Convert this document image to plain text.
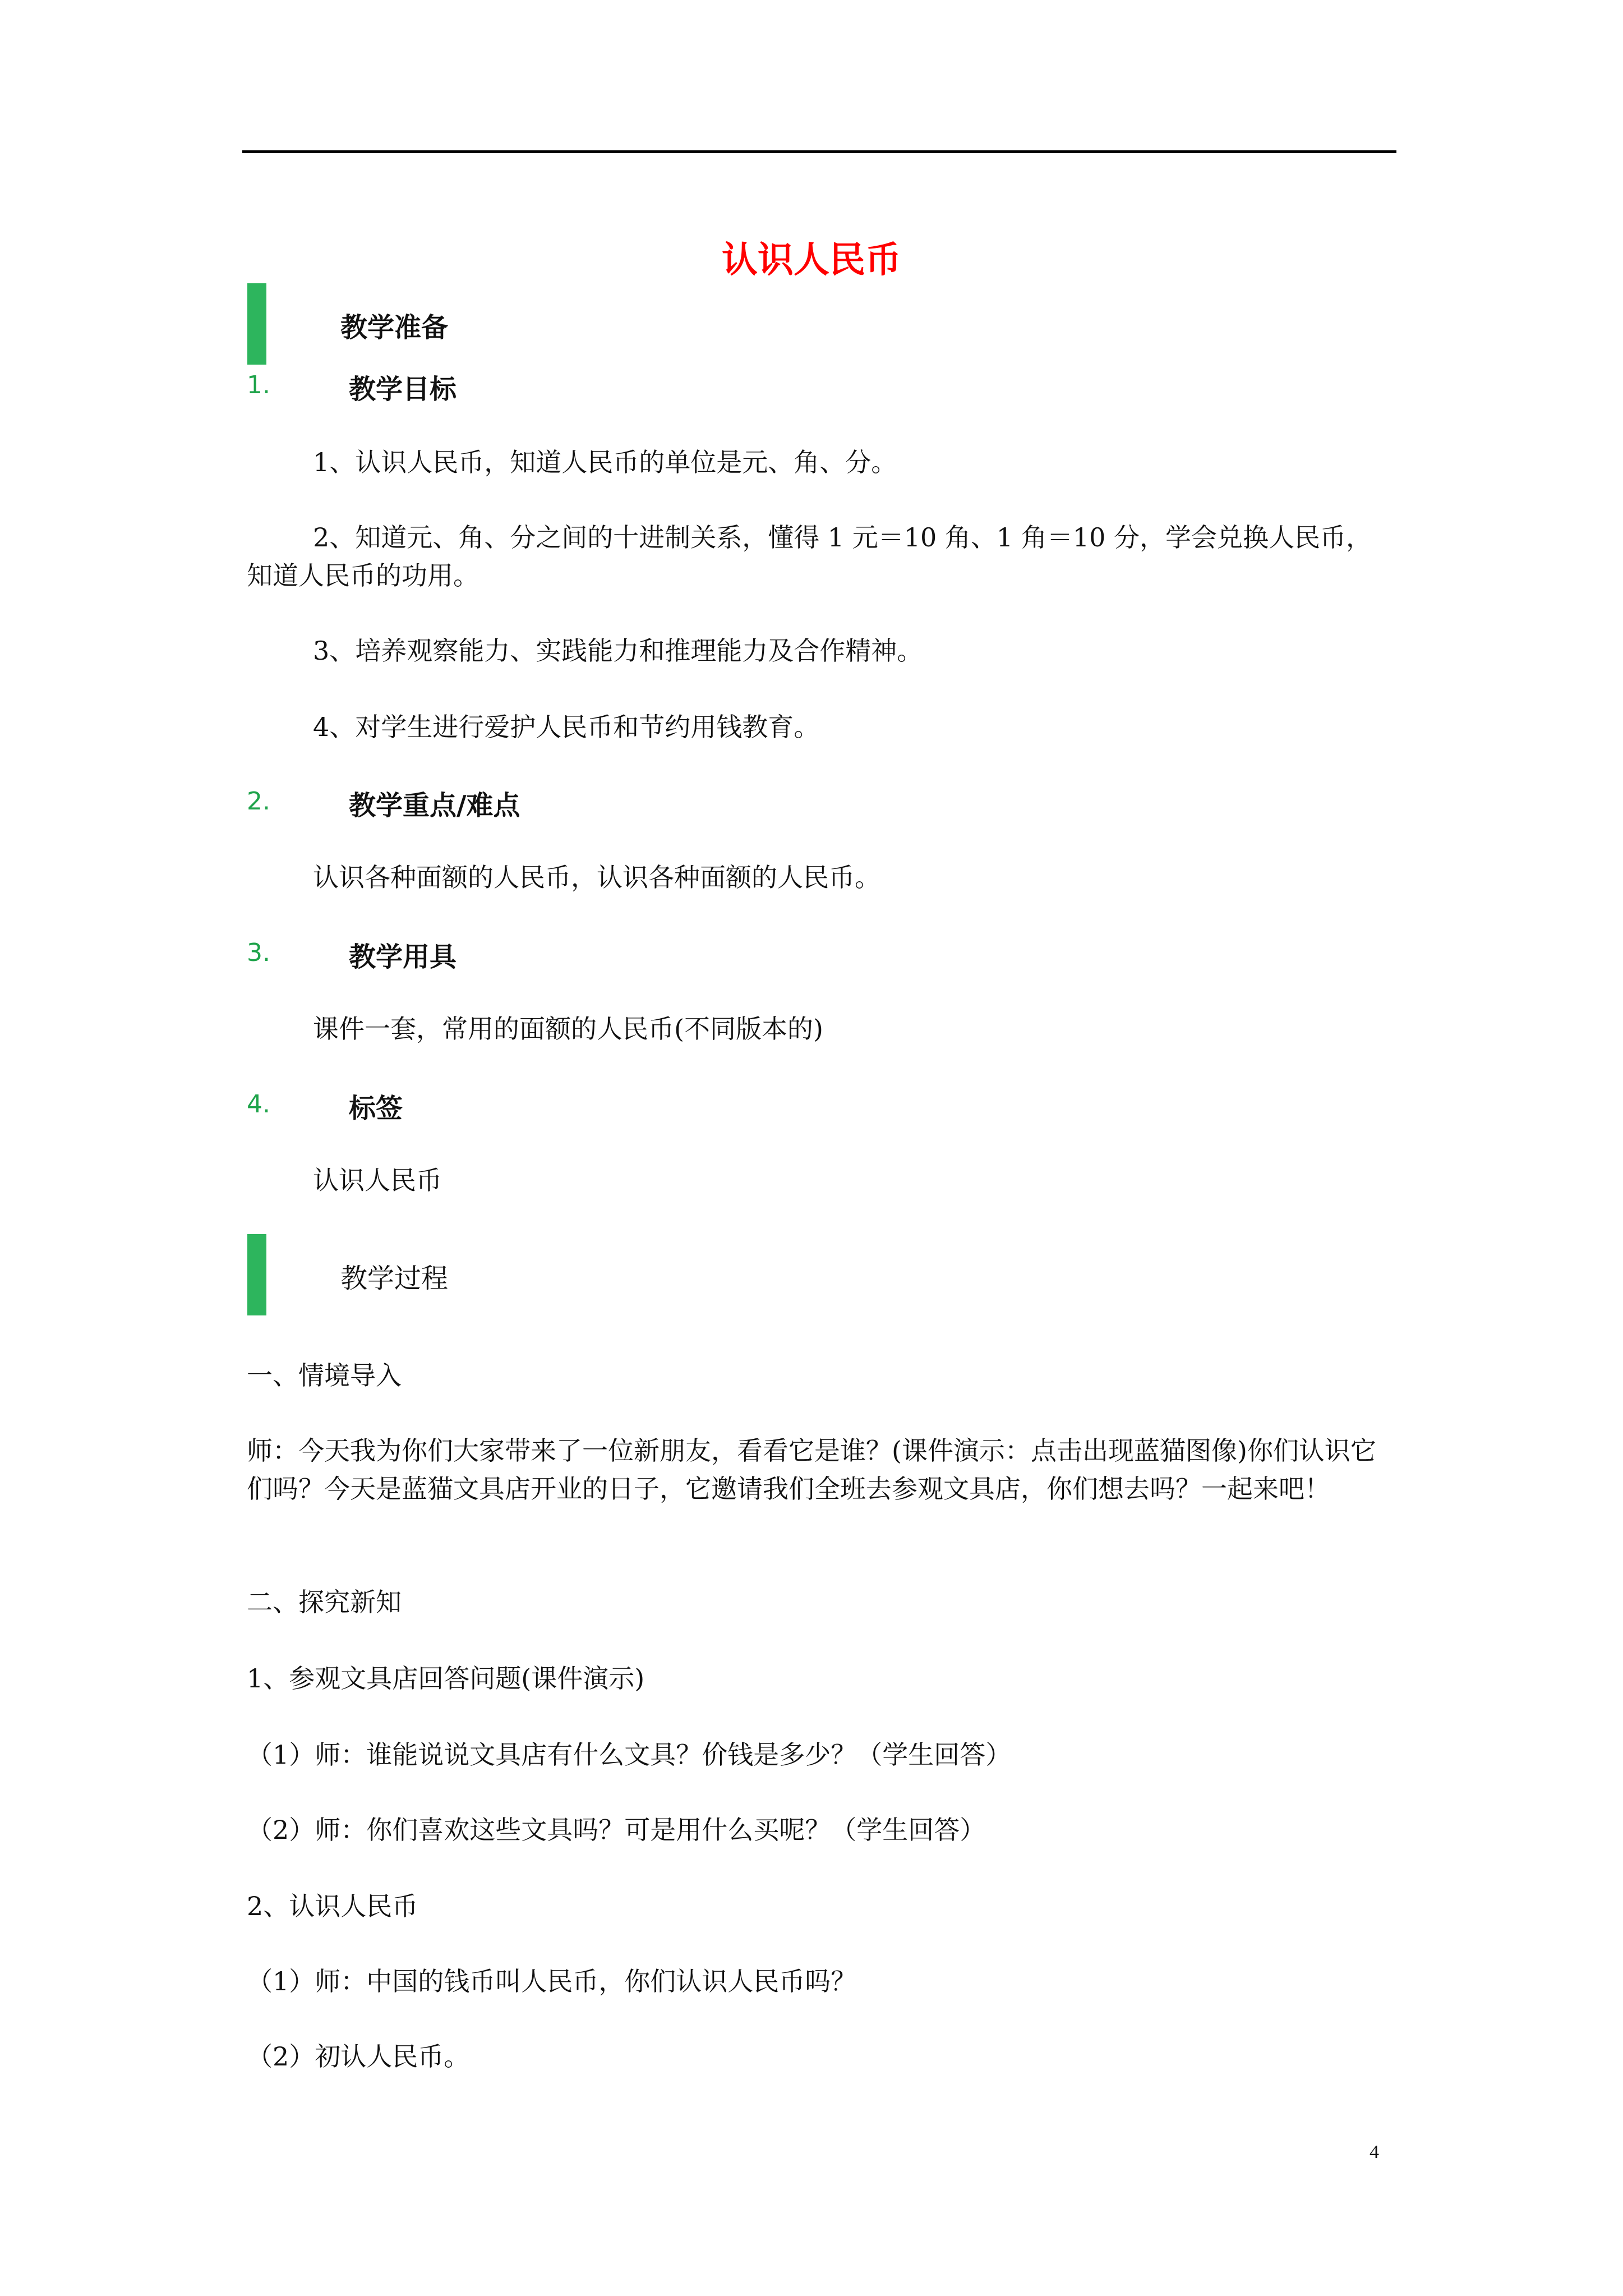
认识人民币
教学准备
1.	教学目标
1、认识人民币，知道人民币的单位是元、角、分。
2、知道元、角、分之间的十进制关系，懂得 1 元＝10 角、1 角＝10 分，学会兑换人民币，知道人民币的功用。
3、培养观察能力、实践能力和推理能力及合作精神。
4、对学生进行爱护人民币和节约用钱教育。
2.	教学重点/难点
认识各种面额的人民币，认识各种面额的人民币。
3.	教学用具
课件一套，常用的面额的人民币(不同版本的)
4.	标签
认识人民币
教学过程
一、情境导入
师：今天我为你们大家带来了一位新朋友，看看它是谁？(课件演示：点击出现蓝猫图像)你们认识它们吗？今天是蓝猫文具店开业的日子，它邀请我们全班去参观文具店，你们想去吗？一起来吧！
二、探究新知
1、参观文具店回答问题(课件演示)
（1）师：谁能说说文具店有什么文具？价钱是多少？（学生回答）
（2）师：你们喜欢这些文具吗？可是用什么买呢？（学生回答）
2、认识人民币
（1）师：中国的钱币叫人民币，你们认识人民币吗？
（2）初认人民币。
4
